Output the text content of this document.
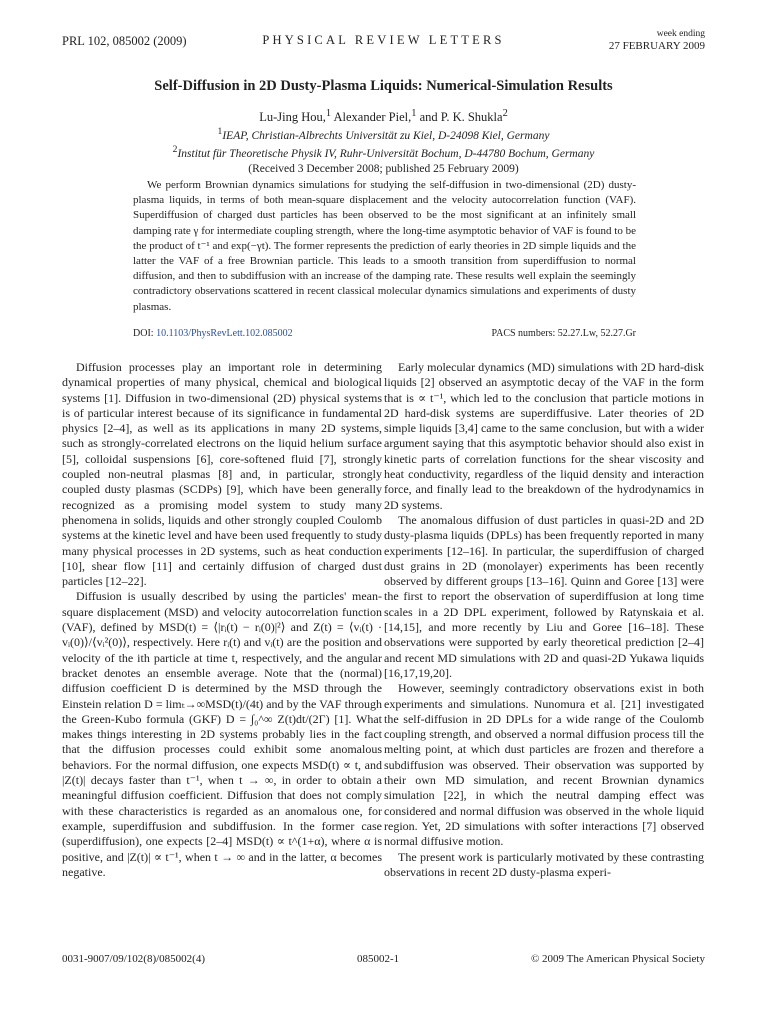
PRL 102, 085002 (2009)	PHYSICAL REVIEW LETTERS	week ending
27 FEBRUARY 2009
Self-Diffusion in 2D Dusty-Plasma Liquids: Numerical-Simulation Results
Lu-Jing Hou,$^1$ Alexander Piel,$^1$ and P. K. Shukla$^2$
$^1$IEAP, Christian-Albrechts Universität zu Kiel, D-24098 Kiel, Germany
$^2$Institut für Theoretische Physik IV, Ruhr-Universität Bochum, D-44780 Bochum, Germany
(Received 3 December 2008; published 25 February 2009)
We perform Brownian dynamics simulations for studying the self-diffusion in two-dimensional (2D) dusty-plasma liquids, in terms of both mean-square displacement and the velocity autocorrelation function (VAF). Superdiffusion of charged dust particles has been observed to be the most significant at an infinitely small damping rate γ for intermediate coupling strength, where the long-time asymptotic behavior of VAF is found to be the product of t⁻¹ and exp(−γt). The former represents the prediction of early theories in 2D simple liquids and the latter the VAF of a free Brownian particle. This leads to a smooth transition from superdiffusion to normal diffusion, and then to subdiffusion with an increase of the damping rate. These results well explain the seemingly contradictory observations scattered in recent classical molecular dynamics simulations and experiments of dusty plasmas.
DOI: 10.1103/PhysRevLett.102.085002	PACS numbers: 52.27.Lw, 52.27.Gr

Diffusion processes play an important role in determining dynamical properties of many physical, chemical and biological systems [1]. Diffusion in two-dimensional (2D) physical systems is of particular interest because of its significance in fundamental physics [2–4], as well as its applications in many 2D systems, such as strongly-correlated electrons on the liquid helium surface [5], colloidal suspensions [6], core-softened fluid [7], strongly coupled non-neutral plasmas [8] and, in particular, strongly coupled dusty plasmas (SCDPs) [9], which have been generally recognized as a promising model system to study many phenomena in solids, liquids and other strongly coupled Coulomb systems at the kinetic level and have been used frequently to study many physical processes in 2D systems, such as heat conduction [10], shear flow [11] and certainly diffusion of charged dust particles [12–22].

Diffusion is usually described by using the particles' mean-square displacement (MSD) and velocity autocorrelation function (VAF), defined by MSD(t) = ⟨|rᵢ(t) − rᵢ(0)|²⟩ and Z(t) = ⟨vᵢ(t) · vᵢ(0)⟩/⟨vᵢ²(0)⟩, respectively. Here rᵢ(t) and vᵢ(t) are the position and velocity of the ith particle at time t, respectively, and the angular bracket denotes an ensemble average. Note that the (normal) diffusion coefficient D is determined by the MSD through the Einstein relation D = limₜ→∞MSD(t)/(4t) and by the VAF through the Green-Kubo formula (GKF) D = ∫₀^∞ Z(t)dt/(2Γ) [1]. What makes things interesting in 2D systems probably lies in the fact that the diffusion processes could exhibit some anomalous behaviors. For the normal diffusion, one expects MSD(t) ∝ t, and |Z(t)| decays faster than t⁻¹, when t → ∞, in order to obtain a meaningful diffusion coefficient. Diffusion that does not comply with these characteristics is regarded as an anomalous one, for example, superdiffusion and subdiffusion. In the former case (superdiffusion), one expects [2–4] MSD(t) ∝ t^(1+α), where α is positive, and |Z(t)| ∝ t⁻¹, when t → ∞ and in the latter, α becomes negative.

Early molecular dynamics (MD) simulations with 2D hard-disk liquids [2] observed an asymptotic decay of the VAF in the form that is ∝ t⁻¹, which led to the conclusion that particle motions in 2D hard-disk systems are superdiffusive. Later theories of 2D simple liquids [3,4] came to the same conclusion, but with a wider argument saying that this asymptotic behavior should also exist in kinetic parts of correlation functions for the shear viscosity and heat conductivity, regardless of the liquid density and interaction force, and finally lead to the breakdown of the hydrodynamics in 2D systems.

The anomalous diffusion of dust particles in quasi-2D and 2D dusty-plasma liquids (DPLs) has been frequently reported in many experiments [12–16]. In particular, the superdiffusion of charged dust grains in 2D (monolayer) experiments has been recently observed by different groups [13–16]. Quinn and Goree [13] were the first to report the observation of superdiffusion at long time scales in a 2D DPL experiment, followed by Ratynskaia et al. [14,15], and more recently by Liu and Goree [16–18]. These observations were supported by early theoretical prediction [2–4] and recent MD simulations with 2D and quasi-2D Yukawa liquids [16,17,19,20].

However, seemingly contradictory observations exist in both experiments and simulations. Nunomura et al. [21] investigated the self-diffusion in 2D DPLs for a wide range of the Coulomb coupling strength, and observed a normal diffusion process till the melting point, at which dust particles are frozen and therefore a subdiffusion was observed. Their observation was supported by their own MD simulation, and recent Brownian dynamics simulation [22], in which the neutral damping effect was considered and normal diffusion was observed in the whole liquid region. Yet, 2D simulations with softer interactions [7] observed normal diffusive motion.

The present work is particularly motivated by these contrasting observations in recent 2D dusty-plasma experi-

0031-9007/09/102(8)/085002(4)	085002-1	© 2009 The American Physical Society
